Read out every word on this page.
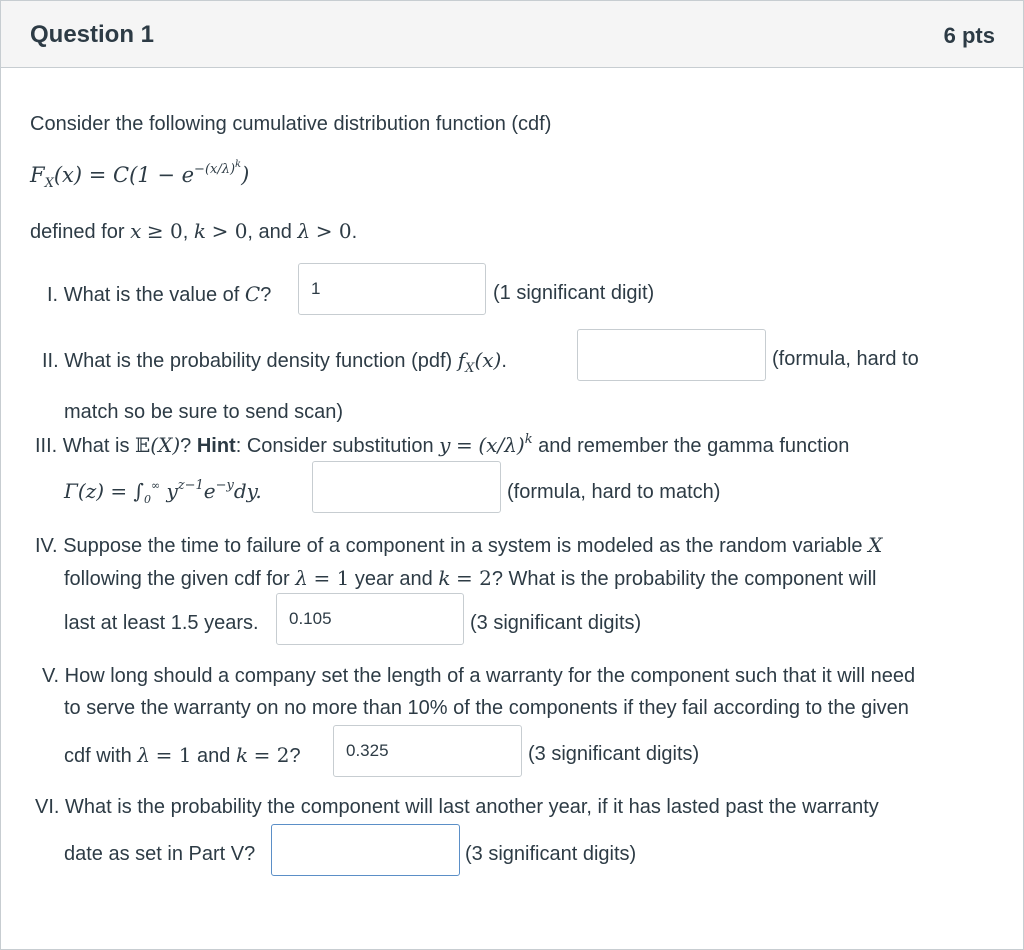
Question 1	6 pts
Consider the following cumulative distribution function (cdf)
$F_X(x) = C(1 - e^{-(x/\lambda)^k})$
defined for x ≥ 0, k > 0, and λ > 0.
I. What is the value of C?
1	(1 significant digit)
II. What is the probability density function (pdf) $f_X(x)$.	(formula, hard to
match so be sure to send scan)
III. What is 𝔼(X)? Hint: Consider substitution $y = (x/\lambda)^k$ and remember the gamma function
$\Gamma(z) = \int_0^\infty$ $y^{z-1}e^{-y}dy$.	(formula, hard to match)
IV. Suppose the time to failure of a component in a system is modeled as the random variable X
following the given cdf for λ = 1 year and k = 2? What is the probability the component will
last at least 1.5 years.
0.105	(3 significant digits)
V. How long should a company set the length of a warranty for the component such that it will need
to serve the warranty on no more than 10% of the components if they fail according to the given
cdf with λ = 1 and k = 2?
0.325	(3 significant digits)
VI. What is the probability the component will last another year, if it has lasted past the warranty
date as set in Part V?	(3 significant digits)
